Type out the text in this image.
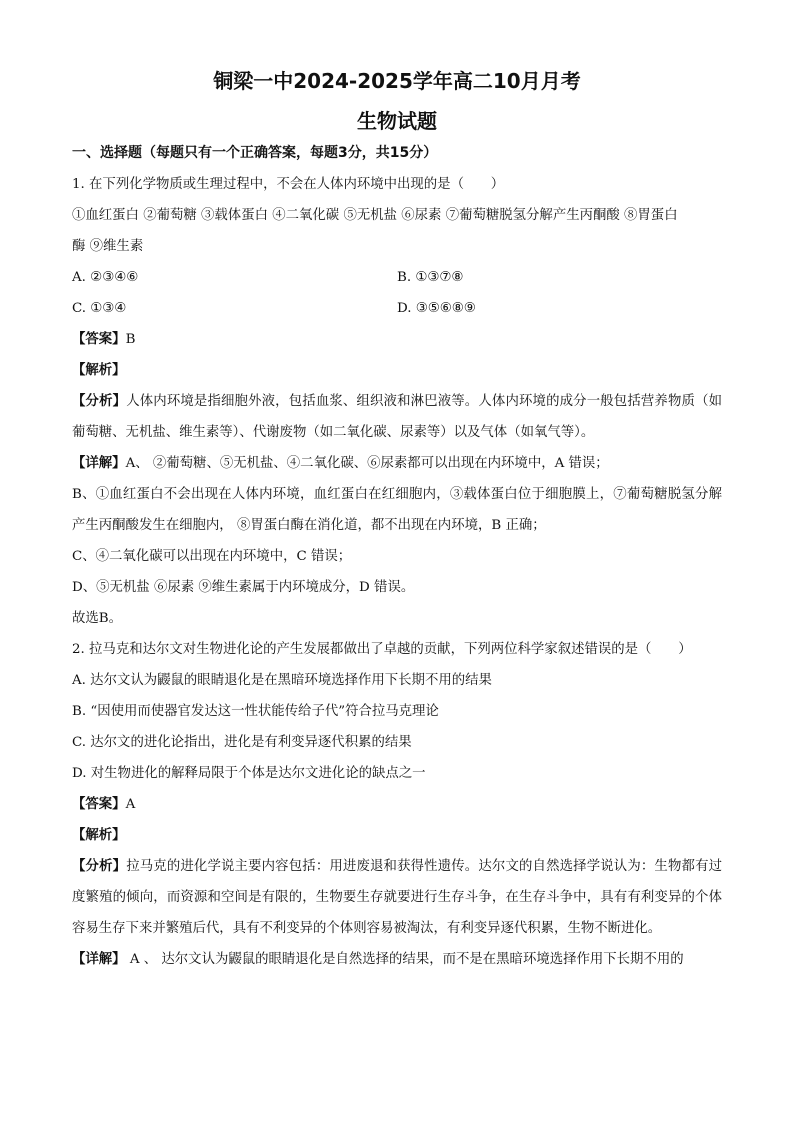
铜梁一中2024-2025学年高二10月月考

生物试题

一、选择题（每题只有一个正确答案，每题3分，共15分）

1. 在下列化学物质或生理过程中，不会在人体内环境中出现的是（　　）

①血红蛋白 ②葡萄糖 ③载体蛋白 ④二氧化碳 ⑤无机盐 ⑥尿素 ⑦葡萄糖脱氢分解产生丙酮酸 ⑧胃蛋白

酶 ⑨维生素

A. ②③④⑥	B. ①③⑦⑧
C. ①③④	D. ③⑤⑥⑧⑨

【答案】B

【解析】

【分析】人体内环境是指细胞外液，包括血浆、组织液和淋巴液等。人体内环境的成分一般包括营养物质（如葡萄糖、无机盐、维生素等）、代谢废物（如二氧化碳、尿素等）以及气体（如氧气等）。

【详解】A、 ②葡萄糖、⑤无机盐、④二氧化碳、⑥尿素都可以出现在内环境中，A 错误；

B、①血红蛋白不会出现在人体内环境，血红蛋白在红细胞内，③载体蛋白位于细胞膜上，⑦葡萄糖脱氢分解产生丙酮酸发生在细胞内， ⑧胃蛋白酶在消化道，都不出现在内环境，B 正确；

C、④二氧化碳可以出现在内环境中，C 错误；

D、⑤无机盐 ⑥尿素 ⑨维生素属于内环境成分，D 错误。

故选B。

2. 拉马克和达尔文对生物进化论的产生发展都做出了卓越的贡献，下列两位科学家叙述错误的是（　　）

A. 达尔文认为鼹鼠的眼睛退化是在黑暗环境选择作用下长期不用的结果

B. “因使用而使器官发达这一性状能传给子代”符合拉马克理论

C. 达尔文的进化论指出，进化是有利变异逐代积累的结果

D. 对生物进化的解释局限于个体是达尔文进化论的缺点之一

【答案】A

【解析】

【分析】拉马克的进化学说主要内容包括：用进废退和获得性遗传。达尔文的自然选择学说认为：生物都有过度繁殖的倾向，而资源和空间是有限的，生物要生存就要进行生存斗争，在生存斗争中，具有有利变异的个体容易生存下来并繁殖后代，具有不利变异的个体则容易被淘汰，有利变异逐代积累，生物不断进化。

【详解】 A 、 达尔文认为鼹鼠的眼睛退化是自然选择的结果，而不是在黑暗环境选择作用下长期不用的
